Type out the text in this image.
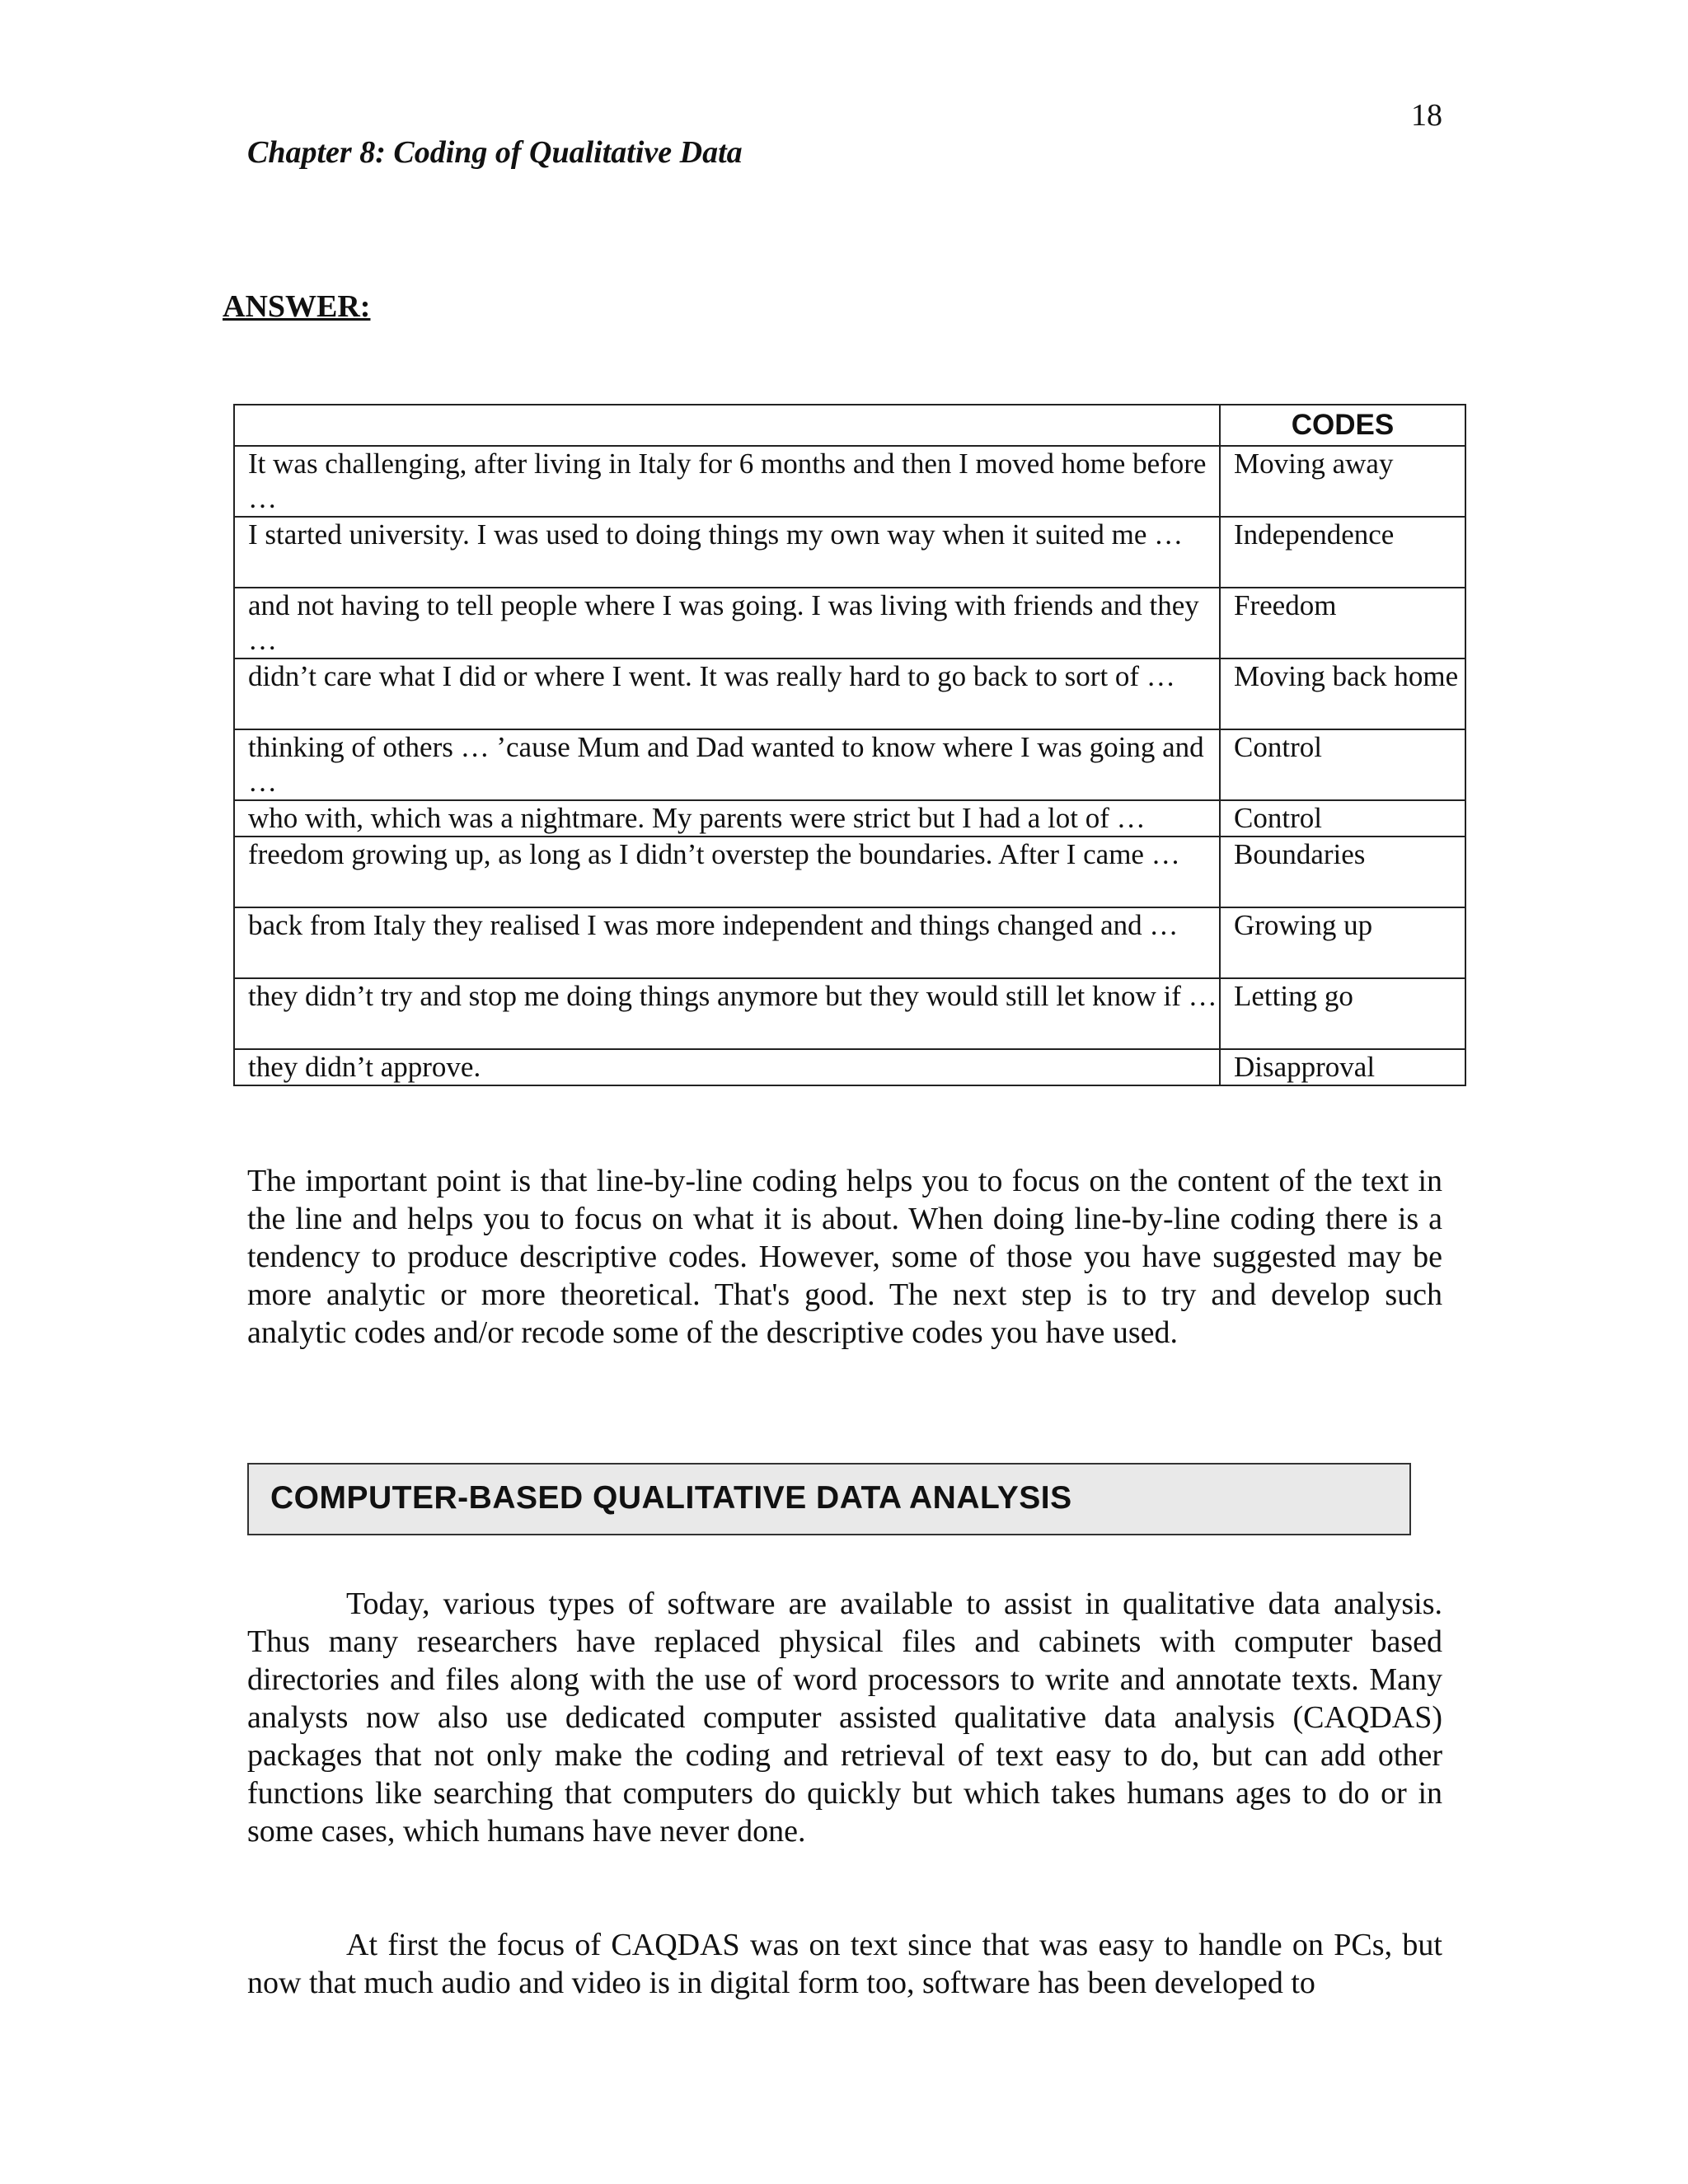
18
Chapter 8: Coding of Qualitative Data
ANSWER:
	CODES
It was challenging, after living in Italy for 6 months and then I moved home before …	Moving away
I started university. I was used to doing things my own way when it suited me …	Independence
and not having to tell people where I was going. I was living with friends and they …	Freedom
didn’t care what I did or where I went. It was really hard to go back to sort of …	Moving back home
thinking of others … ’cause Mum and Dad wanted to know where I was going and …	Control
who with, which was a nightmare. My parents were strict but I had a lot of …	Control
freedom growing up, as long as I didn’t overstep the boundaries. After I came …	Boundaries
back from Italy they realised I was more independent and things changed and …	Growing up
they didn’t try and stop me doing things anymore but they would still let know if …	Letting go
they didn’t approve.	Disapproval

The important point is that line-by-line coding helps you to focus on the content of the text in the line and helps you to focus on what it is about. When doing line-by-line coding there is a tendency to produce descriptive codes. However, some of those you have suggested may be more analytic or more theoretical. That's good. The next step is to try and develop such analytic codes and/or recode some of the descriptive codes you have used.

COMPUTER-BASED QUALITATIVE DATA ANALYSIS

Today, various types of software are available to assist in qualitative data analysis. Thus many researchers have replaced physical files and cabinets with computer based directories and files along with the use of word processors to write and annotate texts. Many analysts now also use dedicated computer assisted qualitative data analysis (CAQDAS) packages that not only make the coding and retrieval of text easy to do, but can add other functions like searching that computers do quickly but which takes humans ages to do or in some cases, which humans have never done.

At first the focus of CAQDAS was on text since that was easy to handle on PCs, but now that much audio and video is in digital form too, software has been developed to
